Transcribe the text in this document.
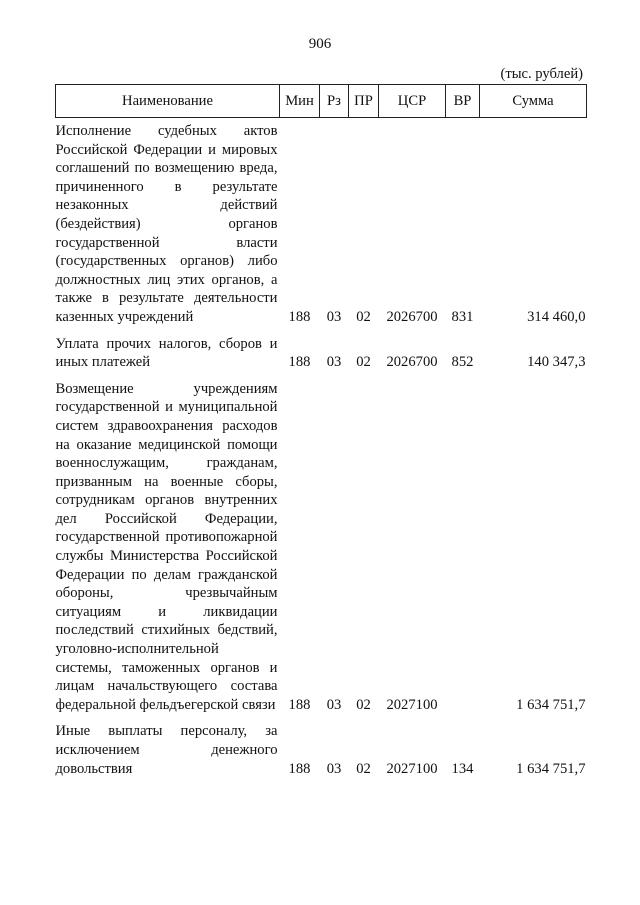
906
(тыс. рублей)
Наименование	Мин	Рз	ПР	ЦСР	ВР	Сумма
Исполнение судебных актов Российской Федерации и мировых соглашений по возмещению вреда, причиненного в результате незаконных действий (бездействия) органов государственной власти (государственных органов) либо должностных лиц этих органов, а также в результате деятельности казенных учреждений	188	03	02	2026700	831	314 460,0
Уплата прочих налогов, сборов и иных платежей	188	03	02	2026700	852	140 347,3
Возмещение учреждениям государственной и муниципальной систем здравоохранения расходов на оказание медицинской помощи военнослужащим, гражданам, призванным на военные сборы, сотрудникам органов внутренних дел Российской Федерации, государственной противопожарной службы Министерства Российской Федерации по делам гражданской обороны, чрезвычайным ситуациям и ликвидации последствий стихийных бедствий, уголовно-исполнительной системы, таможенных органов и лицам начальствующего состава федеральной фельдъегерской связи	188	03	02	2027100		1 634 751,7
Иные выплаты персоналу, за исключением денежного довольствия	188	03	02	2027100	134	1 634 751,7
